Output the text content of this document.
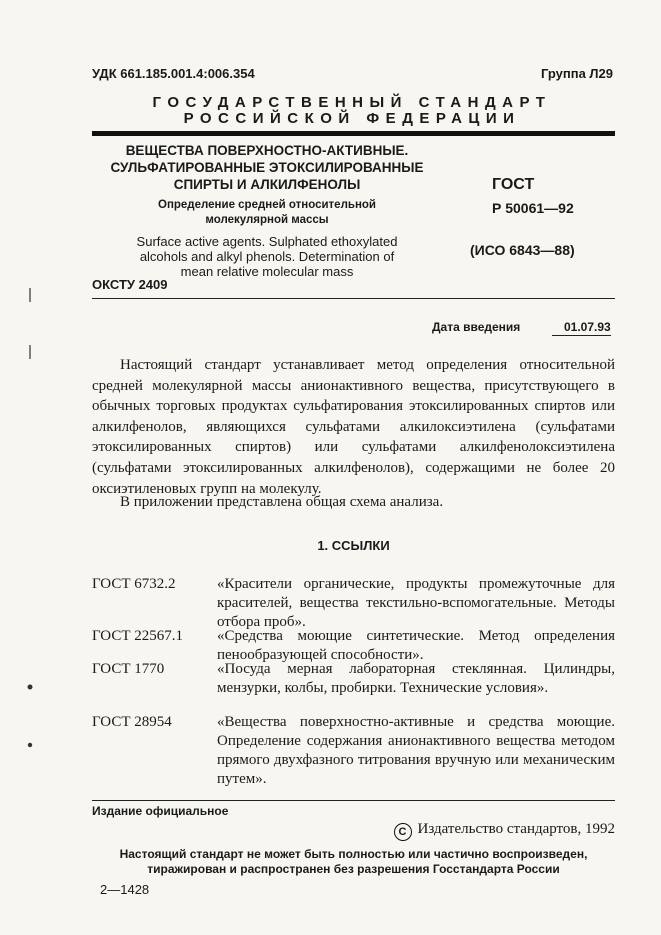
УДК 661.185.001.4:006.354	Группа Л29
ГОСУДАРСТВЕННЫЙ СТАНДАРТ
РОССИЙСКОЙ ФЕДЕРАЦИИ
ВЕЩЕСТВА ПОВЕРХНОСТНО-АКТИВНЫЕ.
СУЛЬФАТИРОВАННЫЕ ЭТОКСИЛИРОВАННЫЕ
СПИРТЫ И АЛКИЛФЕНОЛЫ
Определение средней относительной
молекулярной массы
Surface active agents. Sulphated ethoxylated
alcohols and alkyl phenols. Determination of
mean relative molecular mass
ОКСТУ 2409
ГОСТ
Р 50061—92
(ИСО 6843—88)
Дата введения	01.07.93
Настоящий стандарт устанавливает метод определения относительной средней молекулярной массы анионактивного вещества, присутствующего в обычных торговых продуктах сульфатирования этоксилированных спиртов или алкилфенолов, являющихся сульфатами алкилоксиэтилена (сульфатами этоксилированных спиртов) или сульфатами алкилфенолоксиэтилена (сульфатами этоксилированных алкилфенолов), содержащими не более 20 оксиэтиленовых групп на молекулу.
В приложении представлена общая схема анализа.
1. ССЫЛКИ
ГОСТ 6732.2	«Красители органические, продукты промежуточные для красителей, вещества текстильно-вспомогательные. Методы отбора проб».
ГОСТ 22567.1	«Средства моющие синтетические. Метод определения пенообразующей способности».
ГОСТ 1770	«Посуда мерная лабораторная стеклянная. Цилиндры, мензурки, колбы, пробирки. Технические условия».
ГОСТ 28954	«Вещества поверхностно-активные и средства моющие. Определение содержания анионактивного вещества методом прямого двухфазного титрования вручную или механическим путем».
Издание официальное
С Издательство стандартов, 1992
Настоящий стандарт не может быть полностью или частично воспроизведен,
тиражирован и распространен без разрешения Госстандарта России
2—1428
